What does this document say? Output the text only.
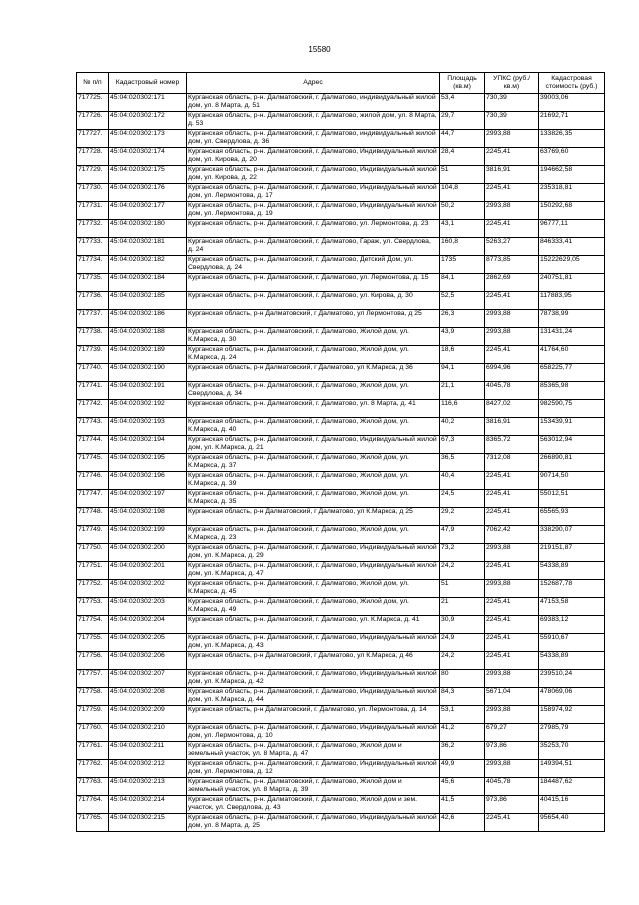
15580
№ п/п	Кадастровый номер	Адрес	Площадь (кв.м)	УПКС (руб./кв.м)	Кадастровая стоимость (руб.)
717725.	45:04:020302:171	Курганская область, р-н. Далматовский, г. Далматово, индивидуальный жилой дом, ул. 8 Марта, д. 51	53,4	730,39	39003,06
717726.	45:04:020302:172	Курганская область, р-н. Далматовский, г. Далматово, жилой дом, ул. 8 Марта, д. 53	29,7	730,39	21692,71
717727.	45:04:020302:173	Курганская область, р-н. Далматовский, г. Далматово, индивидуальный жилой дом, ул. Свердлова, д. 36	44,7	2993,88	133826,35
717728.	45:04:020302:174	Курганская область, р-н. Далматовский, г. Далматово, Индивидуальный жилой дом, ул. Кирова, д. 20	28,4	2245,41	63769,60
717729.	45:04:020302:175	Курганская область, р-н. Далматовский, г. Далматово, Индивидуальный жилой дом, ул. Кирова, д. 22	51	3816,91	194662,58
717730.	45:04:020302:176	Курганская область, р-н. Далматовский, г. Далматово, Индивидуальный жилой дом, ул. Лермонтова, д. 17	104,8	2245,41	235318,81
717731.	45:04:020302:177	Курганская область, р-н. Далматовский, г. Далматово, Индивидуальный жилой дом, ул. Лермонтова, д. 19	50,2	2993,88	150292,68
717732.	45:04:020302:180	Курганская область, р-н. Далматовский, г. Далматово, ул. Лермонтова, д. 23	43,1	2245,41	96777,11
717733.	45:04:020302:181	Курганская область, р-н. Далматовский, г. Далматово, Гараж, ул. Свердлова, д. 24	160,8	5263,27	846333,41
717734.	45:04:020302:182	Курганская область, р-н. Далматовский, г. Далматово, Детский Дом, ул. Свердлова, д. 24	1735	8773,85	15222629,05
717735.	45:04:020302:184	Курганская область, р-н. Далматовский, г. Далматово, ул. Лермонтова, д. 15	84,1	2862,69	240751,81
717736.	45:04:020302:185	Курганская область, р-н. Далматовский, г. Далматово, ул. Кирова, д. 30	52,5	2245,41	117883,95
717737.	45:04:020302:186	Курганская область, р-н Далматовский, г Далматово, ул Лермонтова, д 25	26,3	2993,88	78738,99
717738.	45:04:020302:188	Курганская область, р-н. Далматовский, г. Далматово, Жилой дом, ул. К.Маркса, д. 30	43,9	2993,88	131431,24
717739.	45:04:020302:189	Курганская область, р-н. Далматовский, г. Далматово, Жилой дом, ул. К.Маркса, д. 24	18,6	2245,41	41764,60
717740.	45:04:020302:190	Курганская область, р-н Далматовский, г Далматово, ул К.Маркса, д 36	94,1	6994,96	658225,77
717741.	45:04:020302:191	Курганская область, р-н. Далматовский, г. Далматово, Жилой дом, ул. Свердлова, д. 34	21,1	4045,78	85365,98
717742.	45:04:020302:192	Курганская область, р-н. Далматовский, г. Далматово, ул. 8 Марта, д. 41	116,6	8427,02	982590,75
717743.	45:04:020302:193	Курганская область, р-н. Далматовский, г. Далматово, Жилой дом, ул. К.Маркса, д. 40	40,2	3816,91	153439,91
717744.	45:04:020302:194	Курганская область, р-н. Далматовский, г. Далматово, Индивидуальный жилой дом, ул. К.Маркса, д. 21	67,3	8365,72	563012,94
717745.	45:04:020302:195	Курганская область, р-н. Далматовский, г. Далматово, Жилой дом, ул. К.Маркса, д. 37	36,5	7312,08	266890,81
717746.	45:04:020302:196	Курганская область, р-н. Далматовский, г. Далматово, Жилой дом, ул. К.Маркса, д. 39	40,4	2245,41	90714,50
717747.	45:04:020302:197	Курганская область, р-н. Далматовский, г. Далматово, Жилой дом, ул. К.Маркса, д. 35	24,5	2245,41	55012,51
717748.	45:04:020302:198	Курганская область, р-н Далматовский, г Далматово, ул К.Маркса, д 25	29,2	2245,41	65565,93
717749.	45:04:020302:199	Курганская область, р-н. Далматовский, г. Далматово, Жилой дом, ул. К.Маркса, д. 23	47,9	7062,42	338290,07
717750.	45:04:020302:200	Курганская область, р-н. Далматовский, г. Далматово, Индивидуальный жилой дом, ул. К.Маркса, д. 29	73,2	2993,88	219151,87
717751.	45:04:020302:201	Курганская область, р-н. Далматовский, г. Далматово, Индивидуальный жилой дом, ул. К.Маркса, д. 47	24,2	2245,41	54338,89
717752.	45:04:020302:202	Курганская область, р-н. Далматовский, г. Далматово, Жилой дом, ул. К.Маркса, д. 45	51	2993,88	152687,78
717753.	45:04:020302:203	Курганская область, р-н. Далматовский, г. Далматово, Жилой дом, ул. К.Маркса, д. 49	21	2245,41	47153,58
717754.	45:04:020302:204	Курганская область, р-н. Далматовский, г. Далматово, ул. К.Маркса, д. 41	30,9	2245,41	69383,12
717755.	45:04:020302:205	Курганская область, р-н. Далматовский, г. Далматово, Индивидуальный жилой дом, ул. К.Маркса, д. 43	24,9	2245,41	55910,67
717756.	45:04:020302:206	Курганская область, р-н Далматовский, г Далматово, ул К.Маркса, д 46	24,2	2245,41	54338,89
717757.	45:04:020302:207	Курганская область, р-н. Далматовский, г. Далматово, Индивидуальный жилой дом, ул. К.Маркса, д. 42	80	2993,88	239510,24
717758.	45:04:020302:208	Курганская область, р-н. Далматовский, г. Далматово, Индивидуальный жилой дом, ул. К.Маркса, д. 44	84,3	5671,04	478069,06
717759.	45:04:020302:209	Курганская область, р-н Далматовский, г. Далматово, ул. Лермонтова, д. 14	53,1	2993,88	158974,92
717760.	45:04:020302:210	Курганская область, р-н. Далматовский, г. Далматово, Индивидуальный жилой дом, ул. Лермонтова, д. 10	41,2	679,27	27985,79
717761.	45:04:020302:211	Курганская область, р-н. Далматовский, г. Далматово, Жилой дом и земельный участок, ул. 8 Марта, д. 47	36,2	973,86	35253,70
717762.	45:04:020302:212	Курганская область, р-н. Далматовский, г. Далматово, Индивидуальный жилой дом, ул. Лермонтова, д. 12	49,9	2993,88	149394,51
717763.	45:04:020302:213	Курганская область, р-н. Далматовский, г. Далматово, Жилой дом и земельный участок, ул. 8 Марта, д. 39	45,6	4045,78	184487,62
717764.	45:04:020302:214	Курганская область, р-н. Далматовский, г. Далматово, Жилой дом и зем. участок, ул. Свердлова, д. 43	41,5	973,86	40415,16
717765.	45:04:020302:215	Курганская область, р-н. Далматовский, г. Далматово, Индивидуальный жилой дом, ул. 8 Марта, д. 25	42,6	2245,41	95654,40
